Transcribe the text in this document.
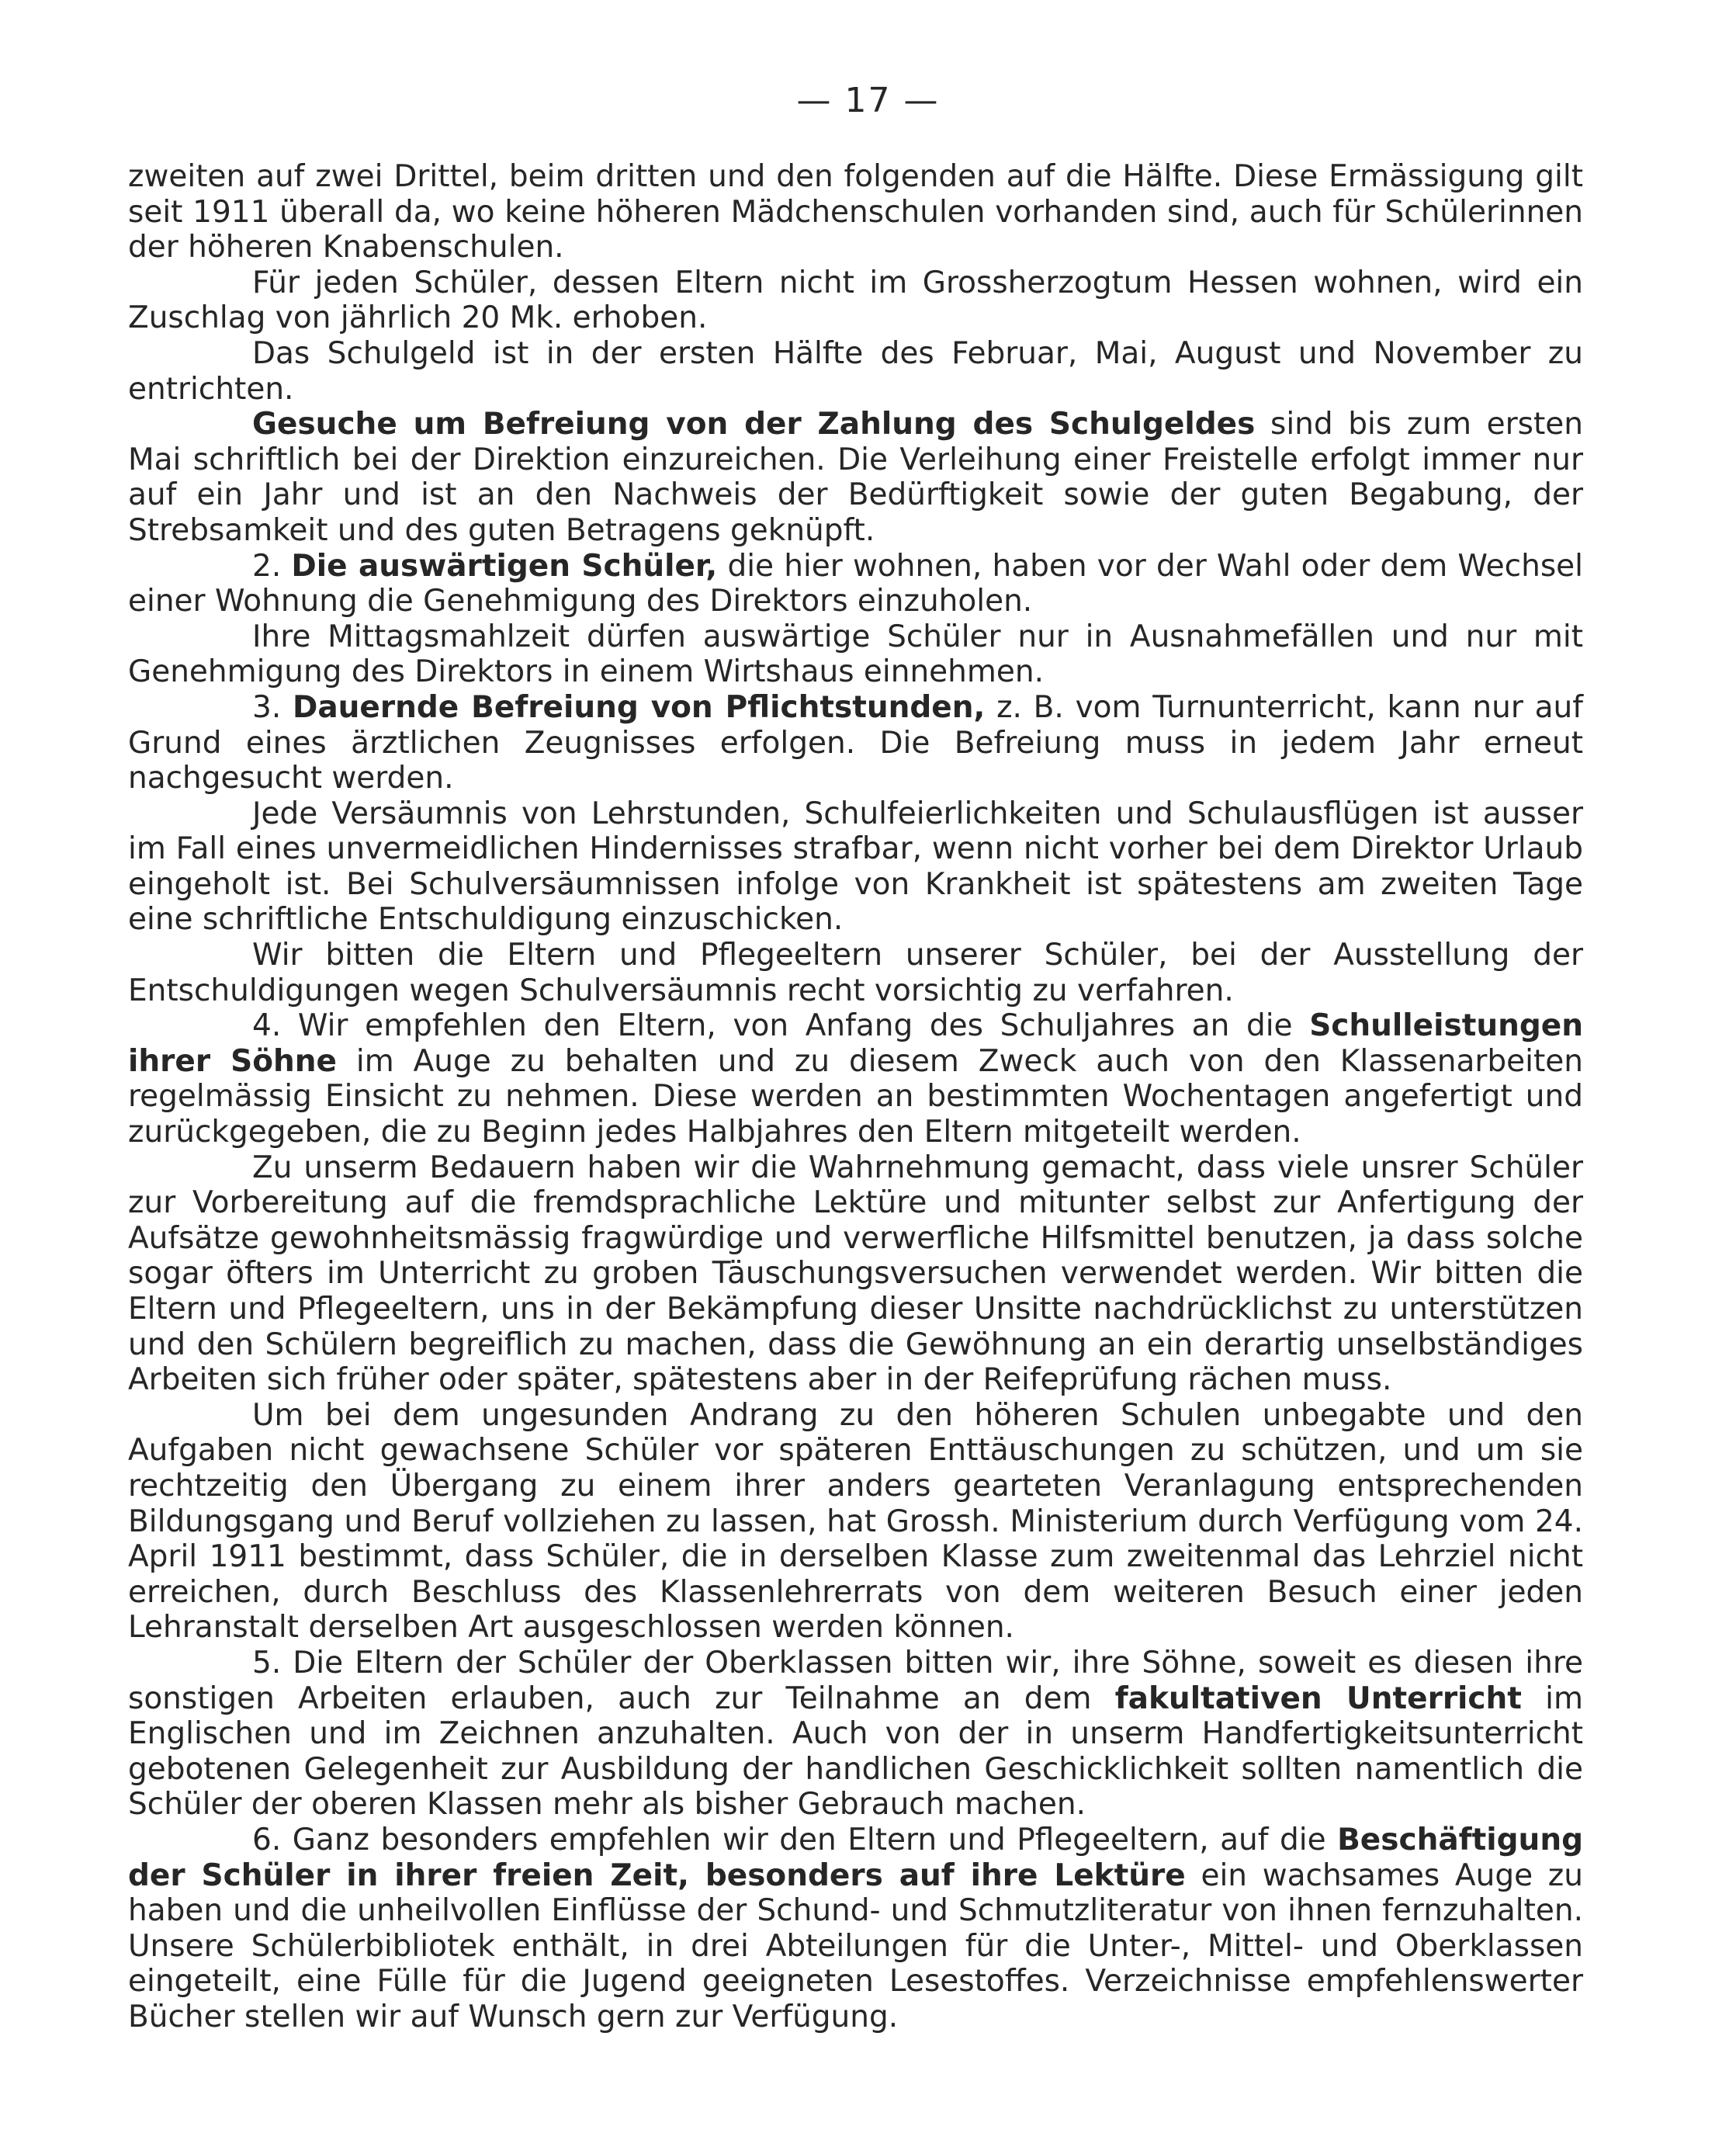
— 17 —

zweiten auf zwei Drittel, beim dritten und den folgenden auf die Hälfte. Diese Ermässigung gilt seit 1911 überall da, wo keine höheren Mädchenschulen vorhanden sind, auch für Schülerinnen der höheren Knabenschulen.

Für jeden Schüler, dessen Eltern nicht im Grossherzogtum Hessen wohnen, wird ein Zuschlag von jährlich 20 Mk. erhoben.

Das Schulgeld ist in der ersten Hälfte des Februar, Mai, August und November zu entrichten.

Gesuche um Befreiung von der Zahlung des Schulgeldes sind bis zum ersten Mai schriftlich bei der Direktion einzureichen. Die Verleihung einer Freistelle erfolgt immer nur auf ein Jahr und ist an den Nachweis der Bedürftigkeit sowie der guten Begabung, der Strebsamkeit und des guten Betragens geknüpft.

2. Die auswärtigen Schüler, die hier wohnen, haben vor der Wahl oder dem Wechsel einer Wohnung die Genehmigung des Direktors einzuholen.

Ihre Mittagsmahlzeit dürfen auswärtige Schüler nur in Ausnahmefällen und nur mit Genehmigung des Direktors in einem Wirtshaus einnehmen.

3. Dauernde Befreiung von Pflichtstunden, z. B. vom Turnunterricht, kann nur auf Grund eines ärztlichen Zeugnisses erfolgen. Die Befreiung muss in jedem Jahr erneut nachgesucht werden.

Jede Versäumnis von Lehrstunden, Schulfeierlichkeiten und Schulausflügen ist ausser im Fall eines unvermeidlichen Hindernisses strafbar, wenn nicht vorher bei dem Direktor Urlaub eingeholt ist. Bei Schulversäumnissen infolge von Krankheit ist spätestens am zweiten Tage eine schriftliche Entschuldigung einzuschicken.

Wir bitten die Eltern und Pflegeeltern unserer Schüler, bei der Ausstellung der Entschuldigungen wegen Schulversäumnis recht vorsichtig zu verfahren.

4. Wir empfehlen den Eltern, von Anfang des Schuljahres an die Schulleistungen ihrer Söhne im Auge zu behalten und zu diesem Zweck auch von den Klassenarbeiten regelmässig Einsicht zu nehmen. Diese werden an bestimmten Wochentagen angefertigt und zurückgegeben, die zu Beginn jedes Halbjahres den Eltern mitgeteilt werden.

Zu unserm Bedauern haben wir die Wahrnehmung gemacht, dass viele unsrer Schüler zur Vorbereitung auf die fremdsprachliche Lektüre und mitunter selbst zur Anfertigung der Aufsätze gewohnheitsmässig fragwürdige und verwerfliche Hilfsmittel benutzen, ja dass solche sogar öfters im Unterricht zu groben Täuschungsversuchen verwendet werden. Wir bitten die Eltern und Pflegeeltern, uns in der Bekämpfung dieser Unsitte nachdrücklichst zu unterstützen und den Schülern begreiflich zu machen, dass die Gewöhnung an ein derartig unselbständiges Arbeiten sich früher oder später, spätestens aber in der Reifeprüfung rächen muss.

Um bei dem ungesunden Andrang zu den höheren Schulen unbegabte und den Aufgaben nicht gewachsene Schüler vor späteren Enttäuschungen zu schützen, und um sie rechtzeitig den Übergang zu einem ihrer anders gearteten Veranlagung entsprechenden Bildungsgang und Beruf vollziehen zu lassen, hat Grossh. Ministerium durch Verfügung vom 24. April 1911 bestimmt, dass Schüler, die in derselben Klasse zum zweitenmal das Lehrziel nicht erreichen, durch Beschluss des Klassenlehrerrats von dem weiteren Besuch einer jeden Lehranstalt derselben Art ausgeschlossen werden können.

5. Die Eltern der Schüler der Oberklassen bitten wir, ihre Söhne, soweit es diesen ihre sonstigen Arbeiten erlauben, auch zur Teilnahme an dem fakultativen Unterricht im Englischen und im Zeichnen anzuhalten. Auch von der in unserm Handfertigkeitsunterricht gebotenen Gelegenheit zur Ausbildung der handlichen Geschicklichkeit sollten namentlich die Schüler der oberen Klassen mehr als bisher Gebrauch machen.

6. Ganz besonders empfehlen wir den Eltern und Pflegeeltern, auf die Beschäftigung der Schüler in ihrer freien Zeit, besonders auf ihre Lektüre ein wachsames Auge zu haben und die unheilvollen Einflüsse der Schund- und Schmutzliteratur von ihnen fernzuhalten. Unsere Schülerbibliotek enthält, in drei Abteilungen für die Unter-, Mittel- und Oberklassen eingeteilt, eine Fülle für die Jugend geeigneten Lesestoffes. Verzeichnisse empfehlenswerter Bücher stellen wir auf Wunsch gern zur Verfügung.
